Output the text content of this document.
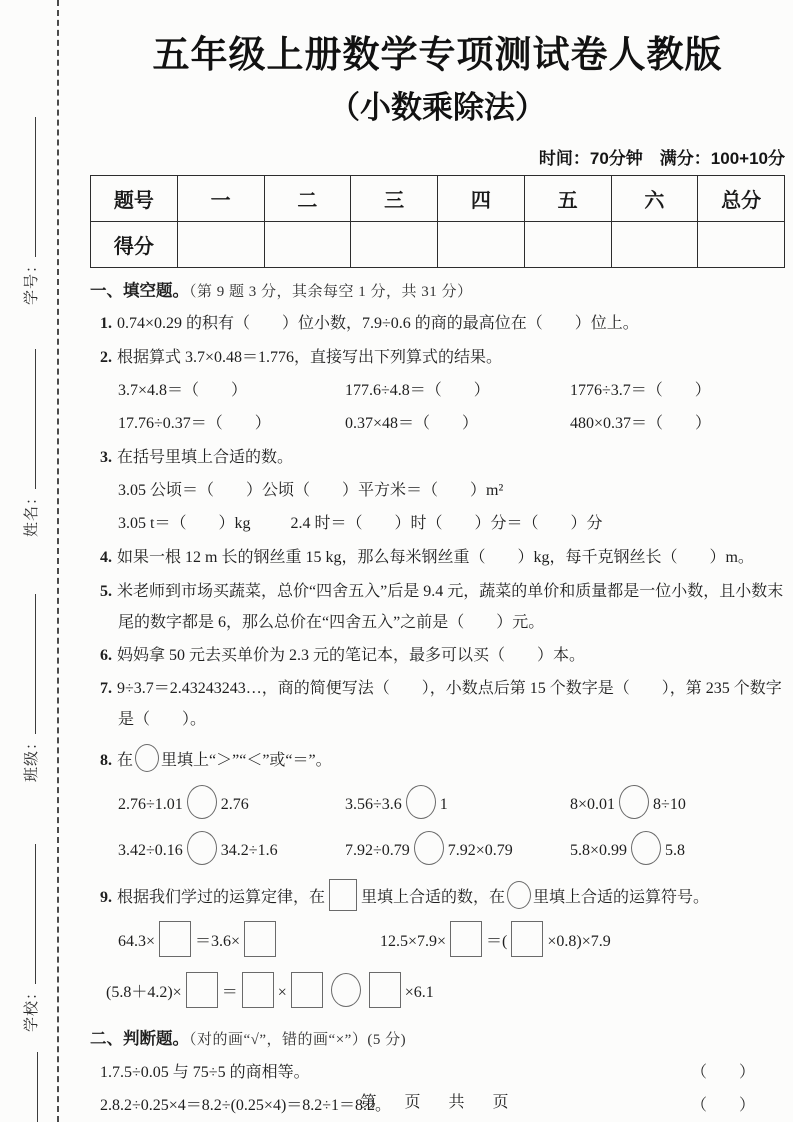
学号：
姓名：
班级：
学校：
五年级上册数学专项测试卷人教版
（小数乘除法）
时间：70分钟　满分：100+10分
题号	一	二	三	四	五	六	总分
得分							
一、填空题。（第 9 题 3 分，其余每空 1 分，共 31 分）

1. 0.74×0.29 的积有（　　）位小数，7.9÷0.6 的商的最高位在（　　）位上。

2. 根据算式 3.7×0.48＝1.776，直接写出下列算式的结果。

3.7×4.8＝（　　）	177.6÷4.8＝（　　）	1776÷3.7＝（　　）
17.76÷0.37＝（　　）	0.37×48＝（　　）	480×0.37＝（　　）

3. 在括号里填上合适的数。

3.05 公顷＝（　　）公顷（　　）平方米＝（　　）m²

3.05 t＝（　　）kg	2.4 时＝（　　）时（　　）分＝（　　）分

4. 如果一根 12 m 长的钢丝重 15 kg，那么每米钢丝重（　　）kg，每千克钢丝长（　　）m。

5. 米老师到市场买蔬菜，总价“四舍五入”后是 9.4 元，蔬菜的单价和质量都是一位小数，且小数末

尾的数字都是 6，那么总价在“四舍五入”之前是（　　）元。

6. 妈妈拿 50 元去买单价为 2.3 元的笔记本，最多可以买（　　）本。

7. 9÷3.7＝2.43243243…，商的简便写法（　　），小数点后第 15 个数字是（　　），第 235 个数字

是（　　）。

8. 在 里填上“＞”“＜”或“＝”。

2.76÷1.01 2.76	3.56÷3.6 1	8×0.01 8÷10
3.42÷0.16 34.2÷1.6	7.92÷0.79 7.92×0.79	5.8×0.99 5.8

9. 根据我们学过的运算定律，在 里填上合适的数，在 里填上合适的运算符号。

64.3×	＝3.6×	12.5×7.9×	＝(	×0.8)×7.9
(5.8＋4.2)×	＝	×	×6.1
二、判断题。（对的画“√”，错的画“×”）(5 分)
1.7.5÷0.05 与 75÷5 的商相等。	（　　）
2.8.2÷0.25×4＝8.2÷(0.25×4)＝8.2÷1＝8.2。	（　　）
第　页　共　页
